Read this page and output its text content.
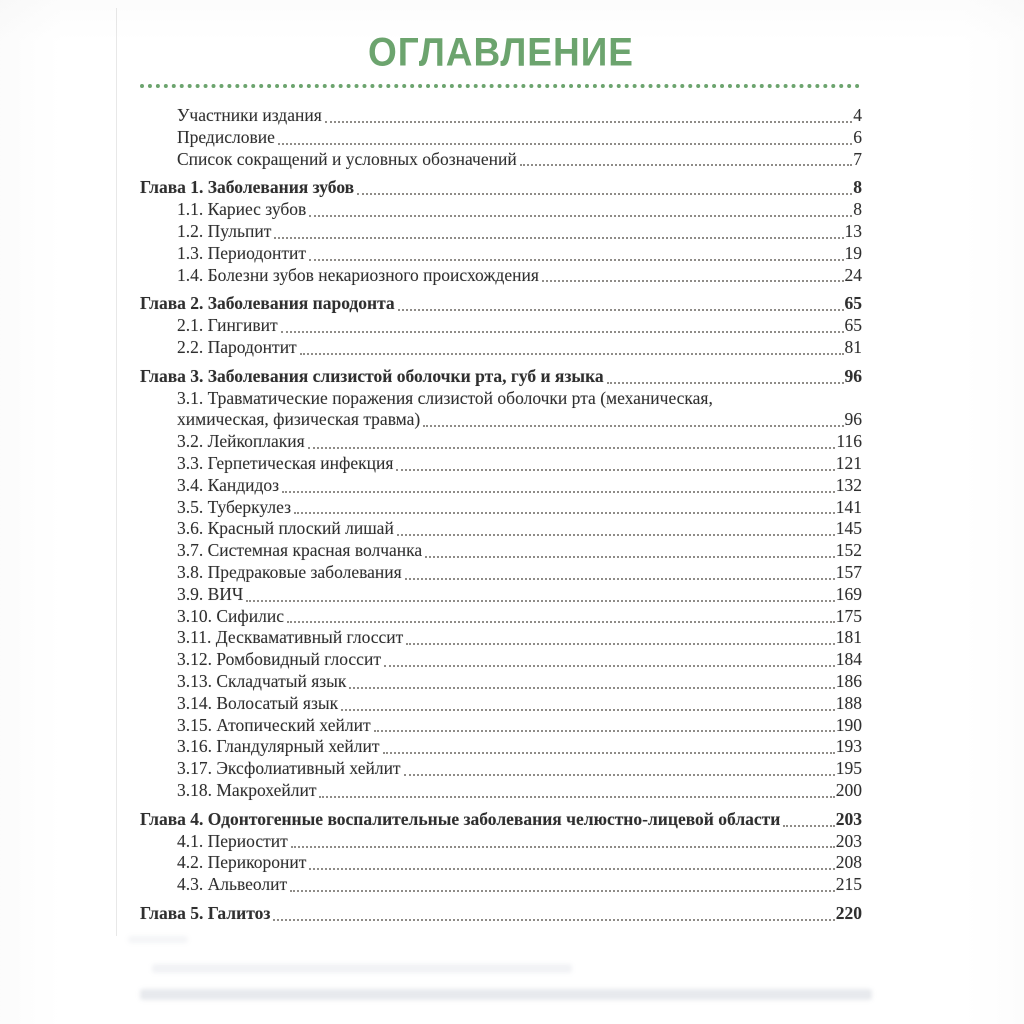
ОГЛАВЛЕНИЕ
Участники издания	4
Предисловие	6
Список сокращений и условных обозначений	7
Глава 1. Заболевания зубов	8
1.1. Кариес зубов	8
1.2. Пульпит	13
1.3. Периодонтит	19
1.4. Болезни зубов некариозного происхождения	24
Глава 2. Заболевания пародонта	65
2.1. Гингивит	65
2.2. Пародонтит	81
Глава 3. Заболевания слизистой оболочки рта, губ и языка	96
3.1. Травматические поражения слизистой оболочки рта (механическая,
химическая, физическая травма)	96
3.2. Лейкоплакия	116
3.3. Герпетическая инфекция	121
3.4. Кандидоз	132
3.5. Туберкулез	141
3.6. Красный плоский лишай	145
3.7. Системная красная волчанка	152
3.8. Предраковые заболевания	157
3.9. ВИЧ	169
3.10. Сифилис	175
3.11. Десквамативный глоссит	181
3.12. Ромбовидный глоссит	184
3.13. Складчатый язык	186
3.14. Волосатый язык	188
3.15. Атопический хейлит	190
3.16. Гландулярный хейлит	193
3.17. Эксфолиативный хейлит	195
3.18. Макрохейлит	200
Глава 4. Одонтогенные воспалительные заболевания челюстно-лицевой области	203
4.1. Периостит	203
4.2. Перикоронит	208
4.3. Альвеолит	215
Глава 5. Галитоз	220
